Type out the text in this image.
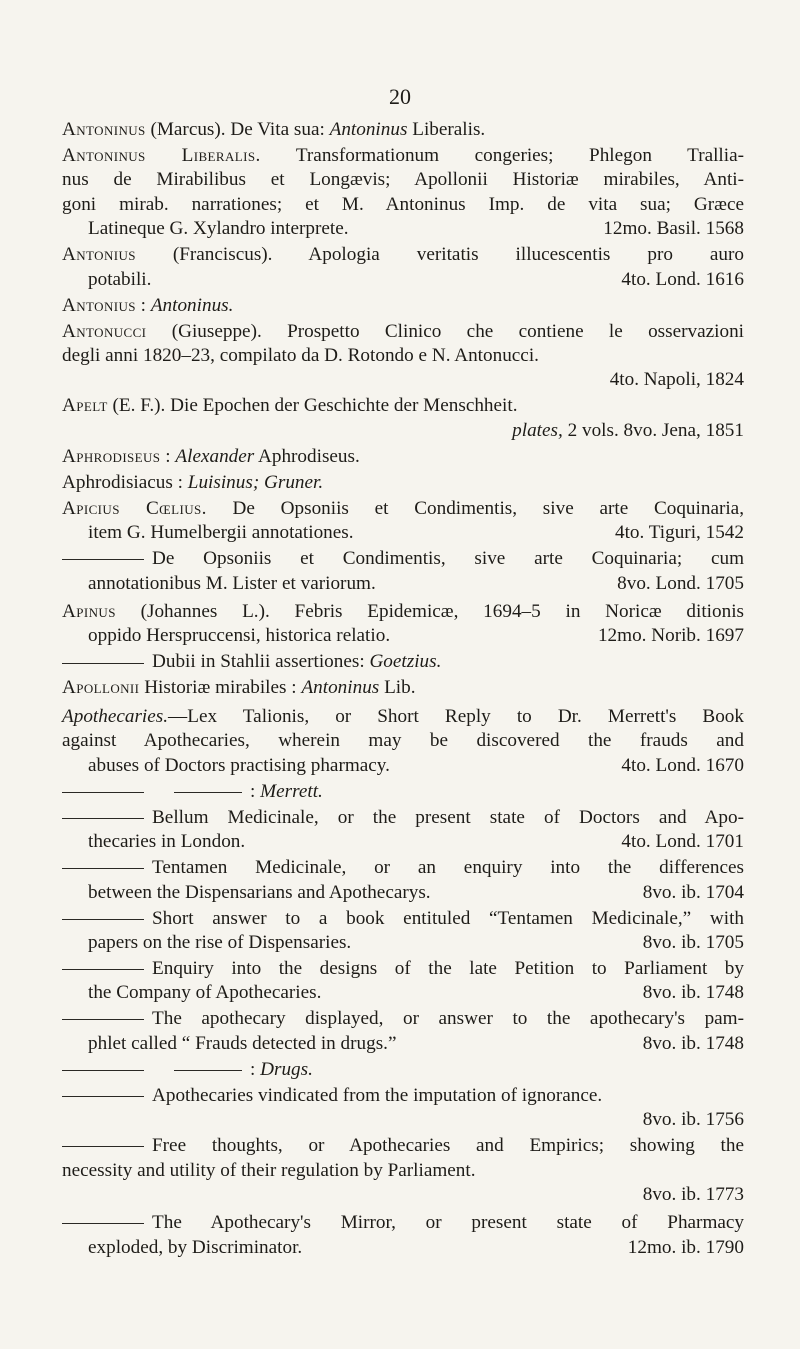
20
Antoninus (Marcus). De Vita sua: Antoninus Liberalis.
Antoninus Liberalis. Transformationum congeries; Phlegon Trallia-
nus de Mirabilibus et Longævis; Apollonii Historiæ mirabiles, Anti-
goni mirab. narrationes; et M. Antoninus Imp. de vita sua; Græce
Latineque G. Xylandro interprete.	12mo. Basil. 1568
Antonius (Franciscus). Apologia veritatis illucescentis pro auro
potabili.	4to. Lond. 1616
Antonius : Antoninus.
Antonucci (Giuseppe). Prospetto Clinico che contiene le osservazioni
degli anni 1820–23, compilato da D. Rotondo e N. Antonucci.
4to. Napoli, 1824
Apelt (E. F.). Die Epochen der Geschichte der Menschheit.
plates, 2 vols. 8vo. Jena, 1851
Aphrodiseus : Alexander Aphrodiseus.
Aphrodisiacus : Luisinus; Gruner.
Apicius Cœlius. De Opsoniis et Condimentis, sive arte Coquinaria,
item G. Humelbergii annotationes.	4to. Tiguri, 1542
De Opsoniis et Condimentis, sive arte Coquinaria; cum
annotationibus M. Lister et variorum.	8vo. Lond. 1705
Apinus (Johannes L.). Febris Epidemicæ, 1694–5 in Noricæ ditionis
oppido Herspruccensi, historica relatio.	12mo. Norib. 1697
Dubii in Stahlii assertiones: Goetzius.
Apollonii Historiæ mirabiles : Antoninus Lib.
Apothecaries.—Lex Talionis, or Short Reply to Dr. Merrett's Book
against Apothecaries, wherein may be discovered the frauds and
abuses of Doctors practising pharmacy.	4to. Lond. 1670
: Merrett.
Bellum Medicinale, or the present state of Doctors and Apo-
thecaries in London.	4to. Lond. 1701
Tentamen Medicinale, or an enquiry into the differences
between the Dispensarians and Apothecarys.	8vo. ib. 1704
Short answer to a book entituled “Tentamen Medicinale,” with
papers on the rise of Dispensaries.	8vo. ib. 1705
Enquiry into the designs of the late Petition to Parliament by
the Company of Apothecaries.	8vo. ib. 1748
The apothecary displayed, or answer to the apothecary's pam-
phlet called “ Frauds detected in drugs.”	8vo. ib. 1748
: Drugs.
Apothecaries vindicated from the imputation of ignorance.
8vo. ib. 1756
Free thoughts, or Apothecaries and Empirics; showing the
necessity and utility of their regulation by Parliament.
8vo. ib. 1773
The Apothecary's Mirror, or present state of Pharmacy
exploded, by Discriminator.	12mo. ib. 1790
